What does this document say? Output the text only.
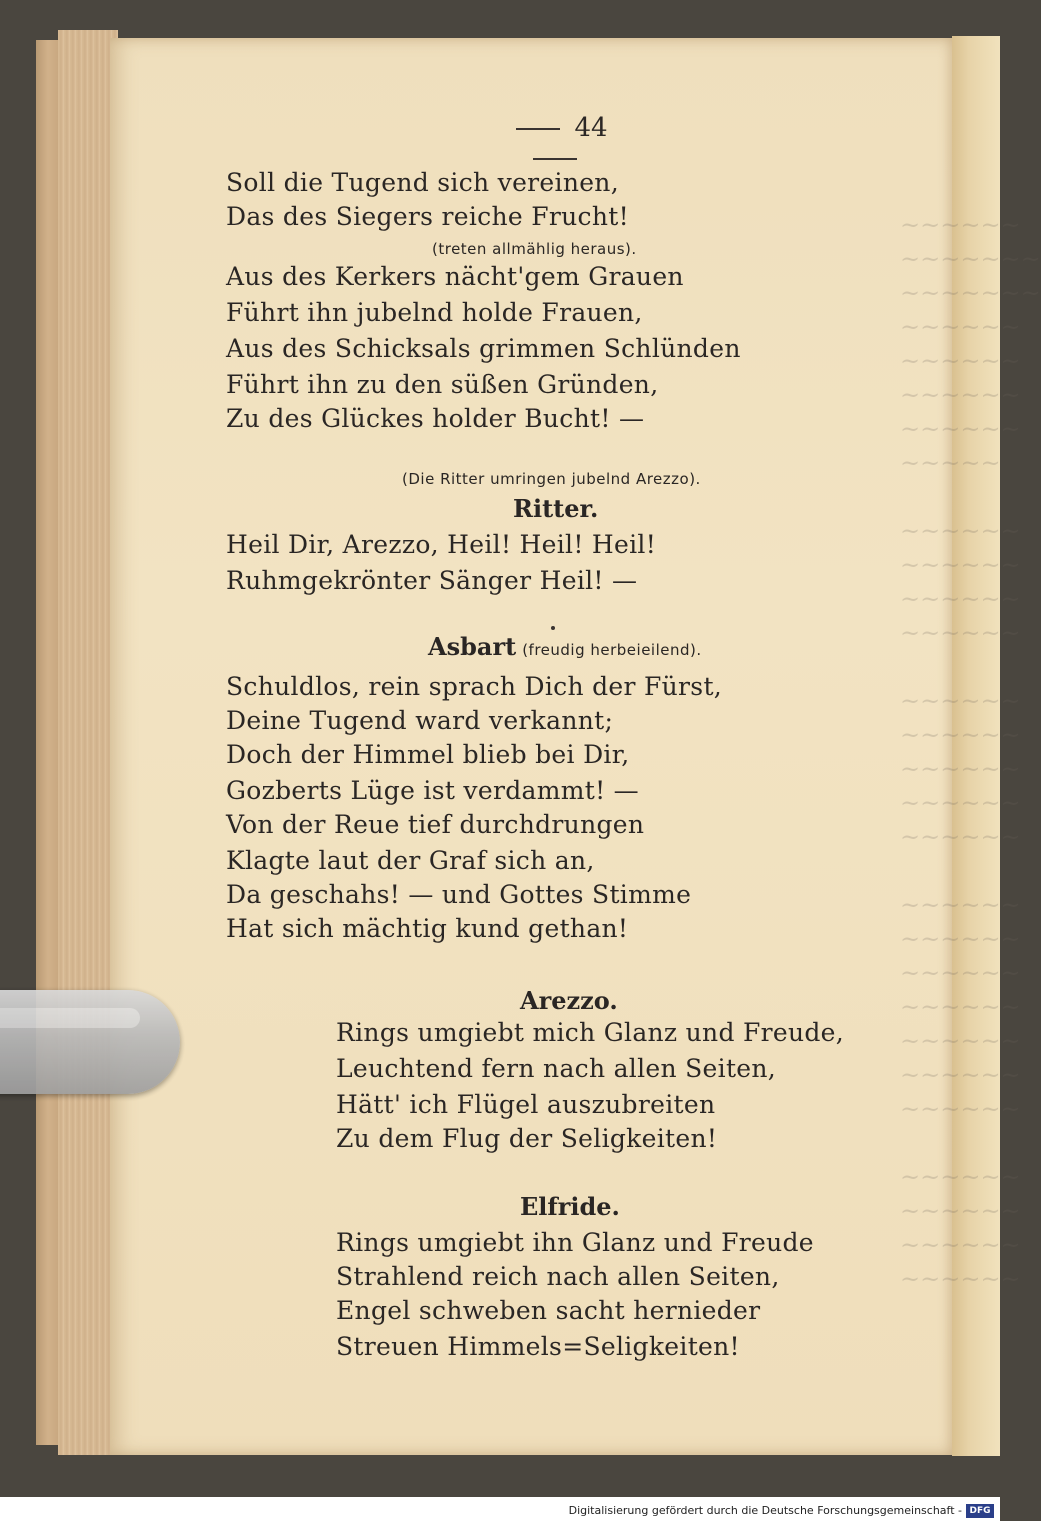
~~~~~~
~~~~~~~
~~~~~~~
~~~~~~
~~~~~~
~~~~~~
~~~~~~
~~~~~

~~~~~~
~~~~~~
~~~~~~
~~~~~~

~~~~~~
~~~~~~
~~~~~~
~~~~~~
~~~~~~

~~~~~~
~~~~~~
~~~~~~
~~~~~~
~~~~~~
~~~~~~
~~~~~~

~~~~~~
~~~~~~
~~~~~~
~~~~~~
44
Soll die Tugend sich vereinen,
Das des Siegers reiche Frucht!
(treten allmählig heraus).
Aus des Kerkers nächt'gem Grauen
Führt ihn jubelnd holde Frauen,
Aus des Schicksals grimmen Schlünden
Führt ihn zu den süßen Gründen,
Zu des Glückes holder Bucht! —
(Die Ritter umringen jubelnd Arezzo).
Ritter.
Heil Dir, Arezzo, Heil! Heil! Heil!
Ruhmgekrönter Sänger Heil! —
Asbart (freudig herbeieilend).
Schuldlos, rein sprach Dich der Fürst,
Deine Tugend ward verkannt;
Doch der Himmel blieb bei Dir,
Gozberts Lüge ist verdammt! —
Von der Reue tief durchdrungen
Klagte laut der Graf sich an,
Da geschahs! — und Gottes Stimme
Hat sich mächtig kund gethan!
Arezzo.
Rings umgiebt mich Glanz und Freude,
Leuchtend fern nach allen Seiten,
Hätt' ich Flügel auszubreiten
Zu dem Flug der Seligkeiten!
Elfride.
Rings umgiebt ihn Glanz und Freude
Strahlend reich nach allen Seiten,
Engel schweben sacht hernieder
Streuen Himmels=Seligkeiten!
Digitalisierung gefördert durch die Deutsche Forschungsgemeinschaft - DFG
